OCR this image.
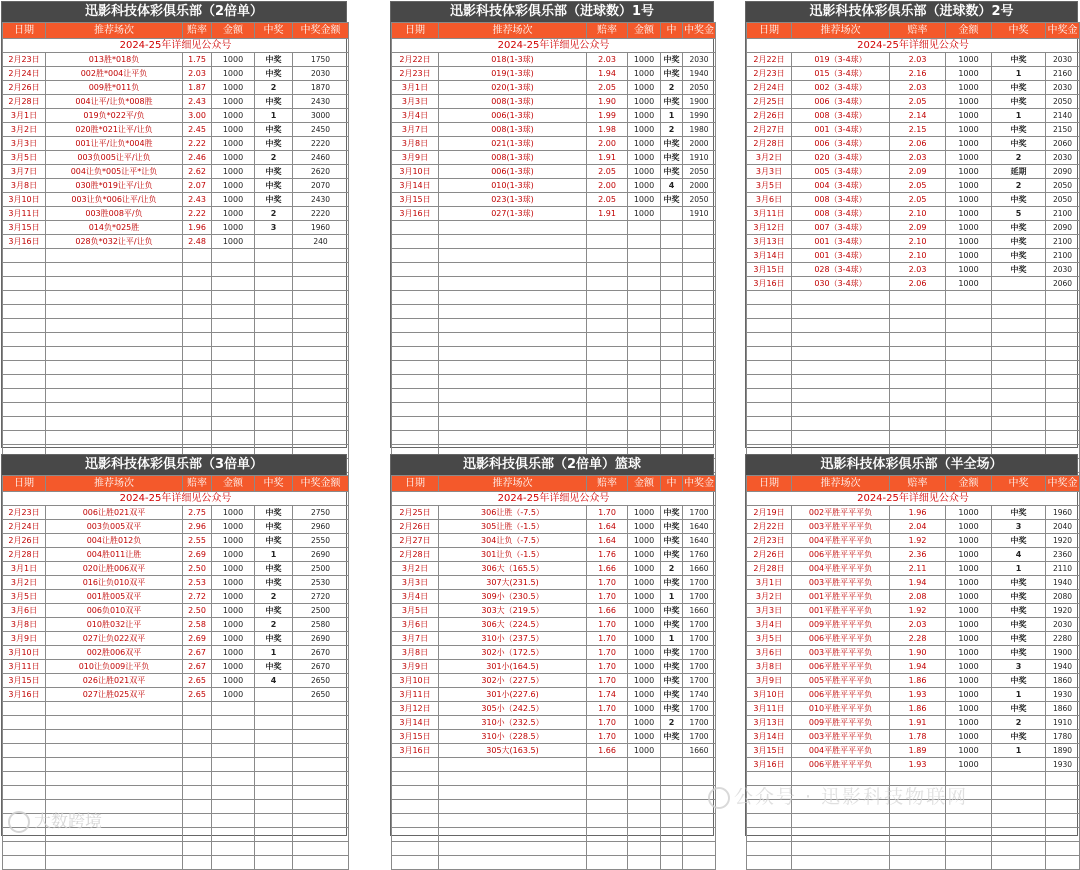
迅影科技体彩俱乐部（2倍单）
日期	推荐场次	赔率	金额	中奖	中奖金额
2024-25年详细见公众号					
2月23日	013胜*018负	1.75	1000	中奖	1750
2月24日	002胜*004让平负	2.03	1000	中奖	2030
2月26日	009胜*011负	1.87	1000	2	1870
2月28日	004让平/让负*008胜	2.43	1000	中奖	2430
3月1日	019负*022平/负	3.00	1000	1	3000
3月2日	020胜*021让平/让负	2.45	1000	中奖	2450
3月3日	001让平/让负*004胜	2.22	1000	中奖	2220
3月5日	003负005让平/让负	2.46	1000	2	2460
3月7日	004让负*005让平*让负	2.62	1000	中奖	2620
3月8日	030胜*019让平/让负	2.07	1000	中奖	2070
3月10日	003让负*006让平/让负	2.43	1000	中奖	2430
3月11日	003胜008平/负	2.22	1000	2	2220
3月15日	014负*025胜	1.96	1000	3	1960
3月16日	028负*032让平/让负	2.48	1000		240

迅影科技体彩俱乐部（进球数）1号
日期	推荐场次	赔率	金额	中	中奖金
2024-25年详细见公众号					
2月22日	018(1-3球)	2.03	1000	中奖	2030
2月23日	019(1-3球)	1.94	1000	中奖	1940
3月1日	020(1-3球)	2.05	1000	2	2050
3月3日	008(1-3球)	1.90	1000	中奖	1900
3月4日	006(1-3球)	1.99	1000	1	1990
3月7日	008(1-3球)	1.98	1000	2	1980
3月8日	021(1-3球)	2.00	1000	中奖	2000
3月9日	008(1-3球)	1.91	1000	中奖	1910
3月10日	006(1-3球)	2.05	1000	中奖	2050
3月14日	010(1-3球)	2.00	1000	4	2000
3月15日	023(1-3球)	2.05	1000	中奖	2050
3月16日	027(1-3球)	1.91	1000		1910

迅影科技体彩俱乐部（进球数）2号
日期	推荐场次	赔率	金额	中奖	中奖金
2024-25年详细见公众号					
2月22日	019（3-4球）	2.03	1000	中奖	2030
2月23日	015（3-4球）	2.16	1000	1	2160
2月24日	002（3-4球）	2.03	1000	中奖	2030
2月25日	006（3-4球）	2.05	1000	中奖	2050
2月26日	008（3-4球）	2.14	1000	1	2140
2月27日	001（3-4球）	2.15	1000	中奖	2150
2月28日	006（3-4球）	2.06	1000	中奖	2060
3月2日	020（3-4球）	2.03	1000	2	2030
3月3日	005（3-4球）	2.09	1000	延期	2090
3月5日	004（3-4球）	2.05	1000	2	2050
3月6日	008（3-4球）	2.05	1000	中奖	2050
3月11日	008（3-4球）	2.10	1000	5	2100
3月12日	007（3-4球）	2.09	1000	中奖	2090
3月13日	001（3-4球）	2.10	1000	中奖	2100
3月14日	001（3-4球）	2.10	1000	中奖	2100
3月15日	028（3-4球）	2.03	1000	中奖	2030
3月16日	030（3-4球）	2.06	1000		2060

迅影科技体彩俱乐部（3倍单）
日期	推荐场次	赔率	金额	中奖	中奖金额
2024-25年详细见公众号					
2月23日	006让胜021双平	2.75	1000	中奖	2750
2月24日	003负005双平	2.96	1000	中奖	2960
2月26日	004让胜012负	2.55	1000	中奖	2550
2月28日	004胜011让胜	2.69	1000	1	2690
3月1日	020让胜006双平	2.50	1000	中奖	2500
3月2日	016让负010双平	2.53	1000	中奖	2530
3月5日	001胜005双平	2.72	1000	2	2720
3月6日	006负010双平	2.50	1000	中奖	2500
3月8日	010胜032让平	2.58	1000	2	2580
3月9日	027让负022双平	2.69	1000	中奖	2690
3月10日	002胜006双平	2.67	1000	1	2670
3月11日	010让负009让平负	2.67	1000	中奖	2670
3月15日	026让胜021双平	2.65	1000	4	2650
3月16日	027让胜025双平	2.65	1000		2650

迅影科技俱乐部（2倍单）篮球
日期	推荐场次	赔率	金额	中	中奖金
2024-25年详细见公众号					
2月25日	306让胜（-7.5）	1.70	1000	中奖	1700
2月26日	305让胜（-1.5）	1.64	1000	中奖	1640
2月27日	304让负（-7.5）	1.64	1000	中奖	1640
2月28日	301让负（-1.5）	1.76	1000	中奖	1760
3月2日	306大（165.5）	1.66	1000	2	1660
3月3日	307大(231.5)	1.70	1000	中奖	1700
3月4日	309小（230.5）	1.70	1000	1	1700
3月5日	303大（219.5）	1.66	1000	中奖	1660
3月6日	306大（224.5）	1.70	1000	中奖	1700
3月7日	310小（237.5）	1.70	1000	1	1700
3月8日	302小（172.5）	1.70	1000	中奖	1700
3月9日	301小(164.5)	1.70	1000	中奖	1700
3月10日	302小（227.5）	1.70	1000	中奖	1700
3月11日	301小(227.6)	1.74	1000	中奖	1740
3月12日	305小（242.5）	1.70	1000	中奖	1700
3月14日	310小（232.5）	1.70	1000	2	1700
3月15日	310小（228.5）	1.70	1000	中奖	1700
3月16日	305大(163.5)	1.66	1000		1660

迅影科技体彩俱乐部（半全场）
日期	推荐场次	赔率	金额	中奖	中奖金
2024-25年详细见公众号					
2月19日	002平胜平平平负	1.96	1000	中奖	1960
2月22日	003平胜平平平负	2.04	1000	3	2040
2月23日	004平胜平平平负	1.92	1000	中奖	1920
2月26日	006平胜平平平负	2.36	1000	4	2360
2月28日	004平胜平平平负	2.11	1000	1	2110
3月1日	003平胜平平平负	1.94	1000	中奖	1940
3月2日	001平胜平平平负	2.08	1000	中奖	2080
3月3日	001平胜平平平负	1.92	1000	中奖	1920
3月4日	009平胜平平平负	2.03	1000	中奖	2030
3月5日	006平胜平平平负	2.28	1000	中奖	2280
3月6日	003平胜平平平负	1.90	1000	中奖	1900
3月8日	006平胜平平平负	1.94	1000	3	1940
3月9日	005平胜平平平负	1.86	1000	中奖	1860
3月10日	006平胜平平平负	1.93	1000	1	1930
3月11日	010平胜平平平负	1.86	1000	中奖	1860
3月13日	009平胜平平平负	1.91	1000	2	1910
3月14日	003平胜平平平负	1.78	1000	中奖	1780
3月15日	004平胜平平平负	1.89	1000	1	1890
3月16日	006平胜平平平负	1.93	1000		1930

大数跨境
公众号 · 迅影科技物联网
